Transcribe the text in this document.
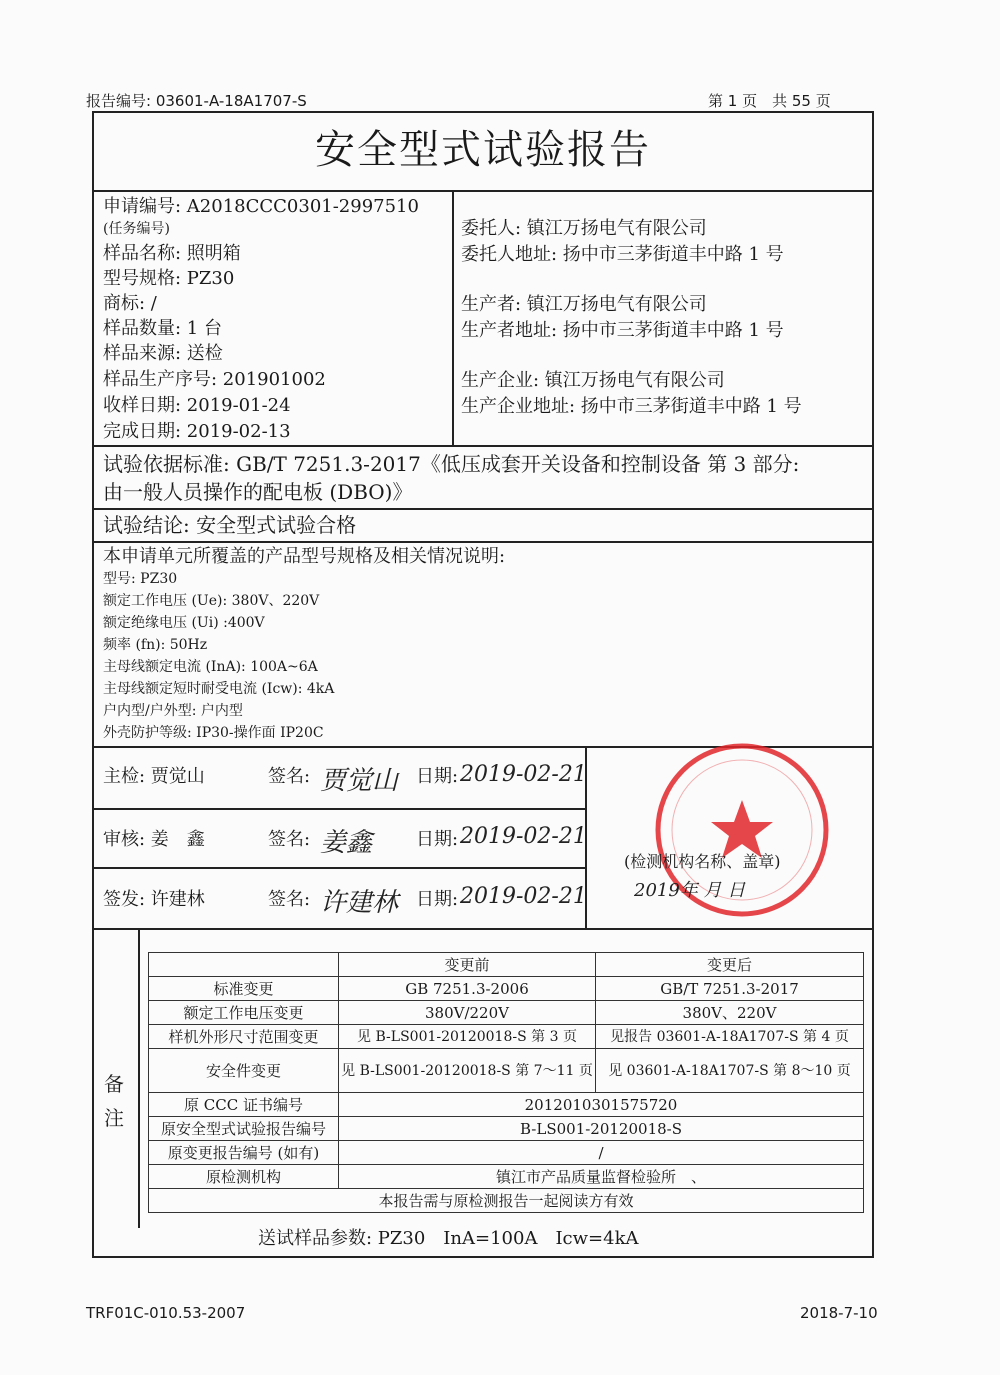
报告编号: 03601-A-18A1707-S	第 1 页　共 55 页
安全型式试验报告
申请编号: A2018CCC0301-2997510
(任务编号)
样品名称: 照明箱
型号规格: PZ30
商标: /
样品数量: 1 台
样品来源: 送检
样品生产序号: 201901002
收样日期: 2019-01-24
完成日期: 2019-02-13
委托人: 镇江万扬电气有限公司
委托人地址: 扬中市三茅街道丰中路 1 号
生产者: 镇江万扬电气有限公司
生产者地址: 扬中市三茅街道丰中路 1 号
生产企业: 镇江万扬电气有限公司
生产企业地址: 扬中市三茅街道丰中路 1 号
试验依据标准: GB/T 7251.3-2017《低压成套开关设备和控制设备 第 3 部分:
由一般人员操作的配电板 (DBO)》
试验结论: 安全型式试验合格
本申请单元所覆盖的产品型号规格及相关情况说明:
型号: PZ30
额定工作电压 (Ue): 380V、220V
额定绝缘电压 (Ui) :400V
频率 (fn): 50Hz
主母线额定电流 (InA): 100A~6A
主母线额定短时耐受电流 (Icw): 4kA
户内型/户外型: 户内型
外壳防护等级: IP30-操作面 IP20C
主检: 贾觉山	签名: 贾觉山 日期: 2019-02-21
审核: 姜　鑫	签名: 姜鑫 日期: 2019-02-21
签发: 许建林	签名: 许建林 日期: 2019-02-21
(检测机构名称、盖章)
2019年 月 日
备
注
	变更前	变更后
标准变更	GB 7251.3-2006	GB/T 7251.3-2017
额定工作电压变更	380V/220V	380V、220V
样机外形尺寸范围变更	见 B-LS001-20120018-S 第 3 页	见报告 03601-A-18A1707-S 第 4 页
安全件变更	见 B-LS001-20120018-S 第 7～11 页	见 03601-A-18A1707-S 第 8～10 页
原 CCC 证书编号	2012010301575720	
原安全型式试验报告编号	B-LS001-20120018-S	
原变更报告编号 (如有)	/	
原检测机构	镇江市产品质量监督检验所　、	
本报告需与原检测报告一起阅读方有效		
送试样品参数: PZ30　InA=100A　Icw=4kA
TRF01C-010.53-2007	2018-7-10
